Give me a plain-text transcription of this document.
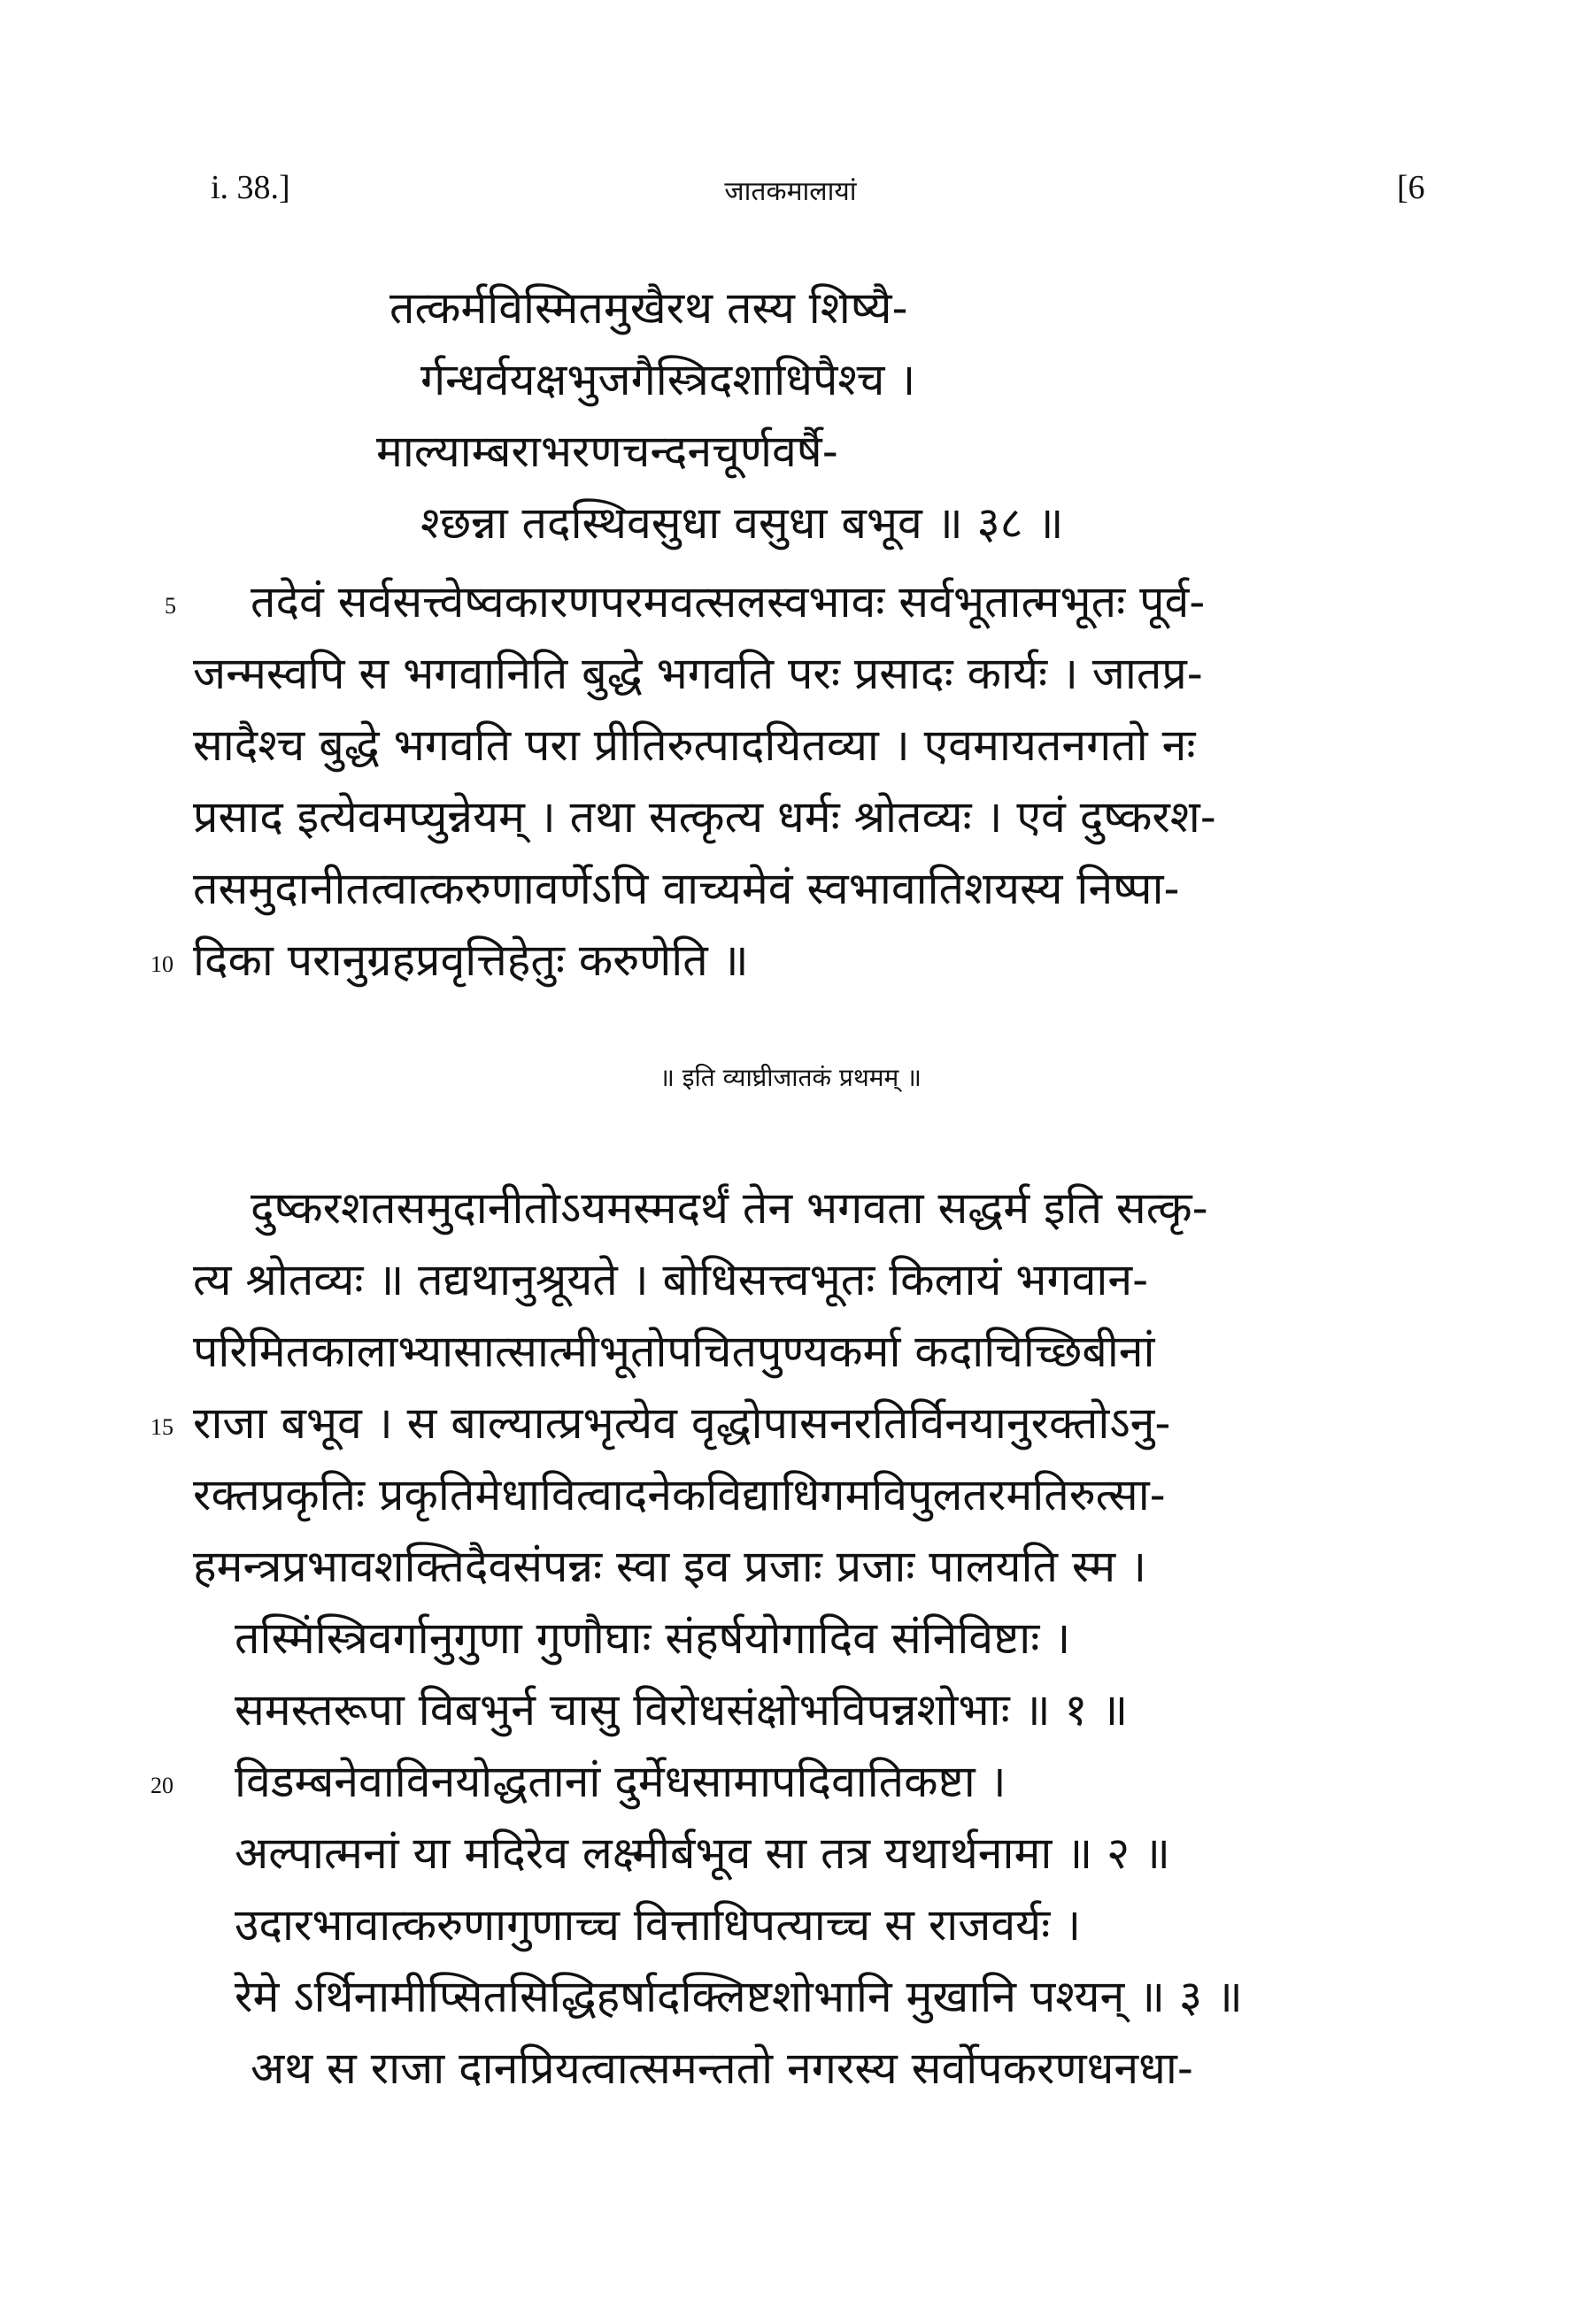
i. 38.]	जातकमालायां	[6
तत्कर्मविस्मितमुखैरथ तस्य शिष्यै-
र्गन्धर्वयक्षभुजगैस्त्रिदशाधिपैश्च ।
माल्याम्बराभरणचन्दनचूर्णवर्षै-
श्छन्ना तदस्थिवसुधा वसुधा बभूव ॥ ३८ ॥
5 तदेवं सर्वसत्त्वेष्वकारणपरमवत्सलस्वभावः सर्वभूतात्मभूतः पूर्व-
जन्मस्वपि स भगवानिति बुद्धे भगवति परः प्रसादः कार्यः । जातप्र-
सादैश्च बुद्धे भगवति परा प्रीतिरुत्पादयितव्या । एवमायतनगतो नः
प्रसाद इत्येवमप्युन्नेयम् । तथा सत्कृत्य धर्मः श्रोतव्यः । एवं दुष्करश-
तसमुदानीतत्वात्करुणावर्णेऽपि वाच्यमेवं स्वभावातिशयस्य निष्पा-
10 दिका परानुग्रहप्रवृत्तिहेतुः करुणेति ॥
॥ इति व्याघ्रीजातकं प्रथमम् ॥
दुष्करशतसमुदानीतोऽयमस्मदर्थं तेन भगवता सद्धर्म इति सत्कृ-
त्य श्रोतव्यः ॥ तद्यथानुश्रूयते । बोधिसत्त्वभूतः किलायं भगवान-
परिमितकालाभ्यासात्सात्मीभूतोपचितपुण्यकर्मा कदाचिच्छिबीनां
15 राजा बभूव । स बाल्यात्प्रभृत्येव वृद्धोपासनरतिर्विनयानुरक्तोऽनु-
रक्तप्रकृतिः प्रकृतिमेधावित्वादनेकविद्याधिगमविपुलतरमतिरुत्सा-
हमन्त्रप्रभावशक्तिदैवसंपन्नः स्वा इव प्रजाः प्रजाः पालयति स्म ।
तस्मिंस्त्रिवर्गानुगुणा गुणौघाः संहर्षयोगादिव संनिविष्टाः ।
समस्तरूपा विबभुर्न चासु विरोधसंक्षोभविपन्नशोभाः ॥ १ ॥
20 विडम्बनेवाविनयोद्धतानां दुर्मेधसामापदिवातिकष्टा ।
अल्पात्मनां या मदिरेव लक्ष्मीर्बभूव सा तत्र यथार्थनामा ॥ २ ॥
उदारभावात्करुणागुणाच्च वित्ताधिपत्याच्च स राजवर्यः ।
रेमे ऽर्थिनामीप्सितसिद्धिहर्षादक्लिष्टशोभानि मुखानि पश्यन् ॥ ३ ॥
अथ स राजा दानप्रियत्वात्समन्ततो नगरस्य सर्वोपकरणधनधा-
